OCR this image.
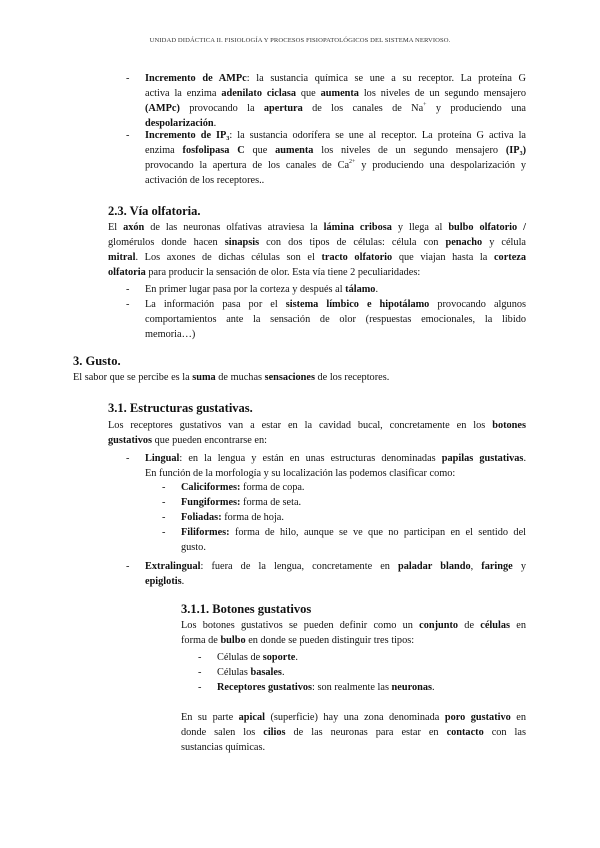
UNIDAD DIDÁCTICA II. FISIOLOGÍA Y PROCESOS FISIOPATOLÓGICOS DEL SISTEMA NERVIOSO.
- Incremento de AMPc: la sustancia química se une a su receptor. La proteína G
activa la enzima adenilato ciclasa que aumenta los niveles de un segundo mensajero
(AMPc) provocando la apertura de los canales de Na+ y produciendo una
despolarización.
- Incremento de $IP_3$: la sustancia odorífera se une al receptor. La proteína G activa la
enzima fosfolipasa C que aumenta los niveles de un segundo mensajero $(IP_3)$
provocando la apertura de los canales de $Ca^{2+}$ y produciendo una despolarización y
activación de los receptores..
2.3. Vía olfatoria.
El axón de las neuronas olfativas atraviesa la lámina cribosa y llega al bulbo olfatorio /
glomérulos donde hacen sinapsis con dos tipos de células: célula con penacho y célula
mitral. Los axones de dichas células son el tracto olfatorio que viajan hasta la corteza
olfatoria para producir la sensación de olor. Esta vía tiene 2 peculiaridades:
- En primer lugar pasa por la corteza y después al tálamo.
- La información pasa por el sistema límbico e hipotálamo provocando algunos
comportamientos ante la sensación de olor (respuestas emocionales, la libido
memoria…)
3. Gusto.
El sabor que se percibe es la suma de muchas sensaciones de los receptores.
3.1. Estructuras gustativas.
Los receptores gustativos van a estar en la cavidad bucal, concretamente en los botones
gustativos que pueden encontrarse en:
- Lingual: en la lengua y están en unas estructuras denominadas papilas gustativas.
En función de la morfología y su localización las podemos clasificar como:
- Caliciformes: forma de copa.
- Fungiformes: forma de seta.
- Foliadas: forma de hoja.
- Filiformes: forma de hilo, aunque se ve que no participan en el sentido del
gusto.
- Extralingual: fuera de la lengua, concretamente en paladar blando, faringe y
epiglotis.
3.1.1. Botones gustativos
Los botones gustativos se pueden definir como un conjunto de células en
forma de bulbo en donde se pueden distinguir tres tipos:
- Células de soporte.
- Células basales.
- Receptores gustativos: son realmente las neuronas.
En su parte apical (superficie) hay una zona denominada poro gustativo en
donde salen los cilios de las neuronas para estar en contacto con las
sustancias químicas.
